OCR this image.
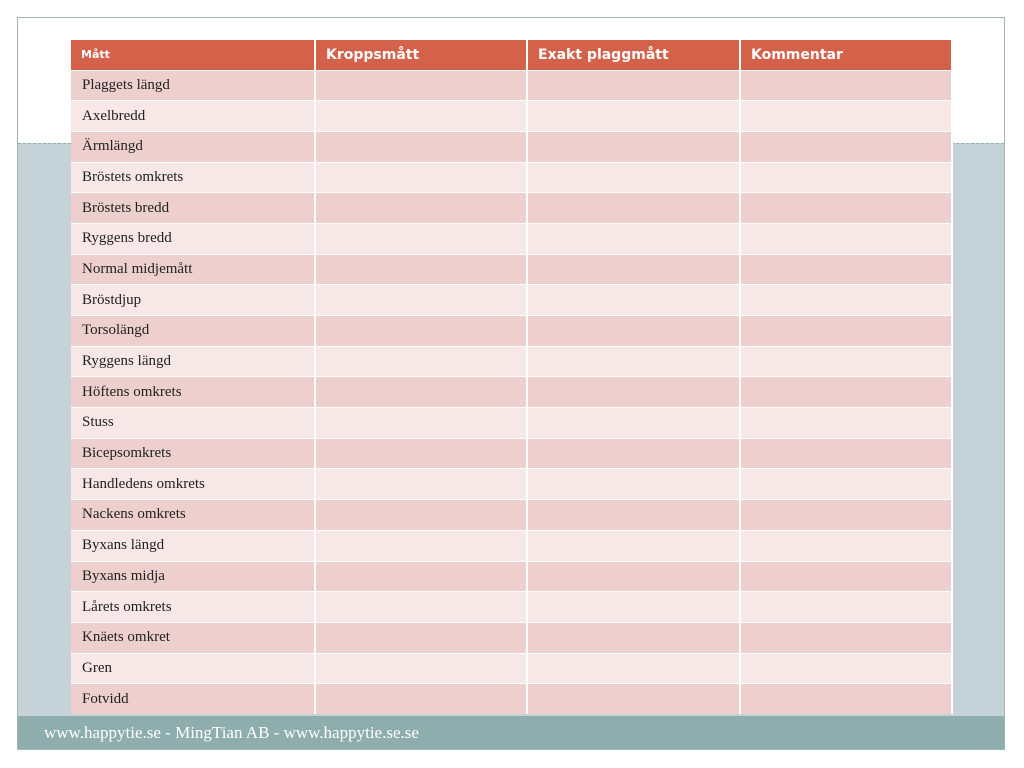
www.happytie.se - MingTian AB - www.happytie.se.se
Mått	Kroppsmått	Exakt plaggmått	Kommentar
Plaggets längd			
Axelbredd			
Ärmlängd			
Bröstets omkrets			
Bröstets bredd			
Ryggens bredd			
Normal midjemått			
Bröstdjup			
Torsolängd			
Ryggens längd			
Höftens omkrets			
Stuss			
Bicepsomkrets			
Handledens omkrets			
Nackens omkrets			
Byxans längd			
Byxans midja			
Lårets omkrets			
Knäets omkret			
Gren			
Fotvidd			
